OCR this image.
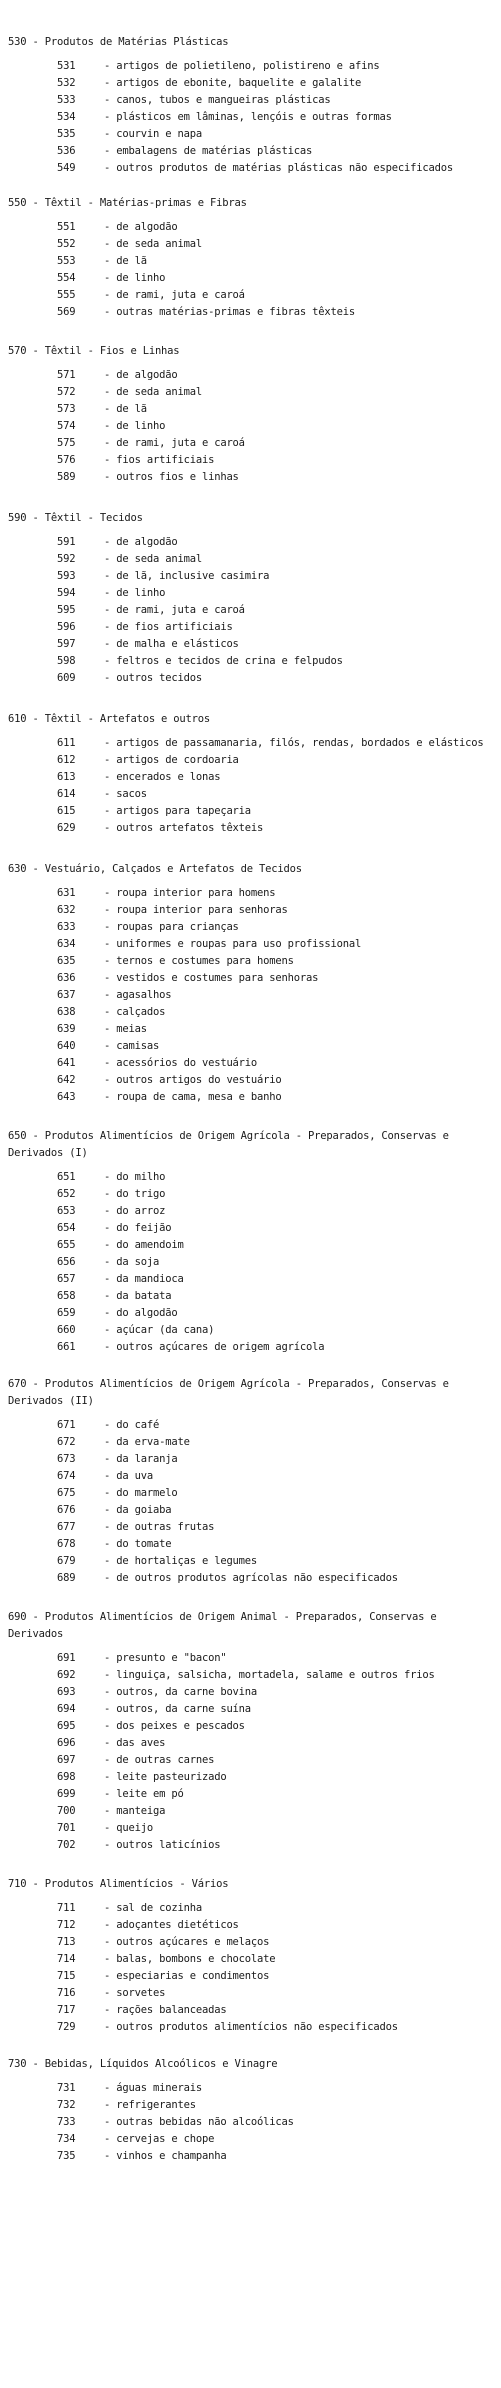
530 - Produtos de Matérias Plásticas
531	- artigos de polietileno, polistireno e afins
532	- artigos de ebonite, baquelite e galalite
533	- canos, tubos e mangueiras plásticas
534	- plásticos em lâminas, lençóis e outras formas
535	- courvin e napa
536	- embalagens de matérias plásticas
549	- outros produtos de matérias plásticas não especificados
550 - Têxtil - Matérias-primas e Fibras
551	- de algodão
552	- de seda animal
553	- de lã
554	- de linho
555	- de rami, juta e caroá
569	- outras matérias-primas e fibras têxteis
570 - Têxtil - Fios e Linhas
571	- de algodão
572	- de seda animal
573	- de lã
574	- de linho
575	- de rami, juta e caroá
576	- fios artificiais
589	- outros fios e linhas
590 - Têxtil - Tecidos
591	- de algodão
592	- de seda animal
593	- de lã, inclusive casimira
594	- de linho
595	- de rami, juta e caroá
596	- de fios artificiais
597	- de malha e elásticos
598	- feltros e tecidos de crina e felpudos
609	- outros tecidos
610 - Têxtil - Artefatos e outros
611	- artigos de passamanaria, filós, rendas, bordados e elásticos
612	- artigos de cordoaria
613	- encerados e lonas
614	- sacos
615	- artigos para tapeçaria
629	- outros artefatos têxteis
630 - Vestuário, Calçados e Artefatos de Tecidos
631	- roupa interior para homens
632	- roupa interior para senhoras
633	- roupas para crianças
634	- uniformes e roupas para uso profissional
635	- ternos e costumes para homens
636	- vestidos e costumes para senhoras
637	- agasalhos
638	- calçados
639	- meias
640	- camisas
641	- acessórios do vestuário
642	- outros artigos do vestuário
643	- roupa de cama, mesa e banho
650 - Produtos Alimentícios de Origem Agrícola - Preparados, Conservas e Derivados (I)
651	- do milho
652	- do trigo
653	- do arroz
654	- do feijão
655	- do amendoim
656	- da soja
657	- da mandioca
658	- da batata
659	- do algodão
660	- açúcar (da cana)
661	- outros açúcares de origem agrícola
670 - Produtos Alimentícios de Origem Agrícola - Preparados, Conservas e Derivados (II)
671	- do café
672	- da erva-mate
673	- da laranja
674	- da uva
675	- do marmelo
676	- da goiaba
677	- de outras frutas
678	- do tomate
679	- de hortaliças e legumes
689	- de outros produtos agrícolas não especificados
690 - Produtos Alimentícios de Origem Animal - Preparados, Conservas e Derivados
691	- presunto e "bacon"
692	- linguiça, salsicha, mortadela, salame e outros frios
693	- outros, da carne bovina
694	- outros, da carne suína
695	- dos peixes e pescados
696	- das aves
697	- de outras carnes
698	- leite pasteurizado
699	- leite em pó
700	- manteiga
701	- queijo
702	- outros laticínios
710 - Produtos Alimentícios - Vários
711	- sal de cozinha
712	- adoçantes dietéticos
713	- outros açúcares e melaços
714	- balas, bombons e chocolate
715	- especiarias e condimentos
716	- sorvetes
717	- rações balanceadas
729	- outros produtos alimentícios não especificados
730 - Bebidas, Líquidos Alcoólicos e Vinagre
731	- águas minerais
732	- refrigerantes
733	- outras bebidas não alcoólicas
734	- cervejas e chope
735	- vinhos e champanha
